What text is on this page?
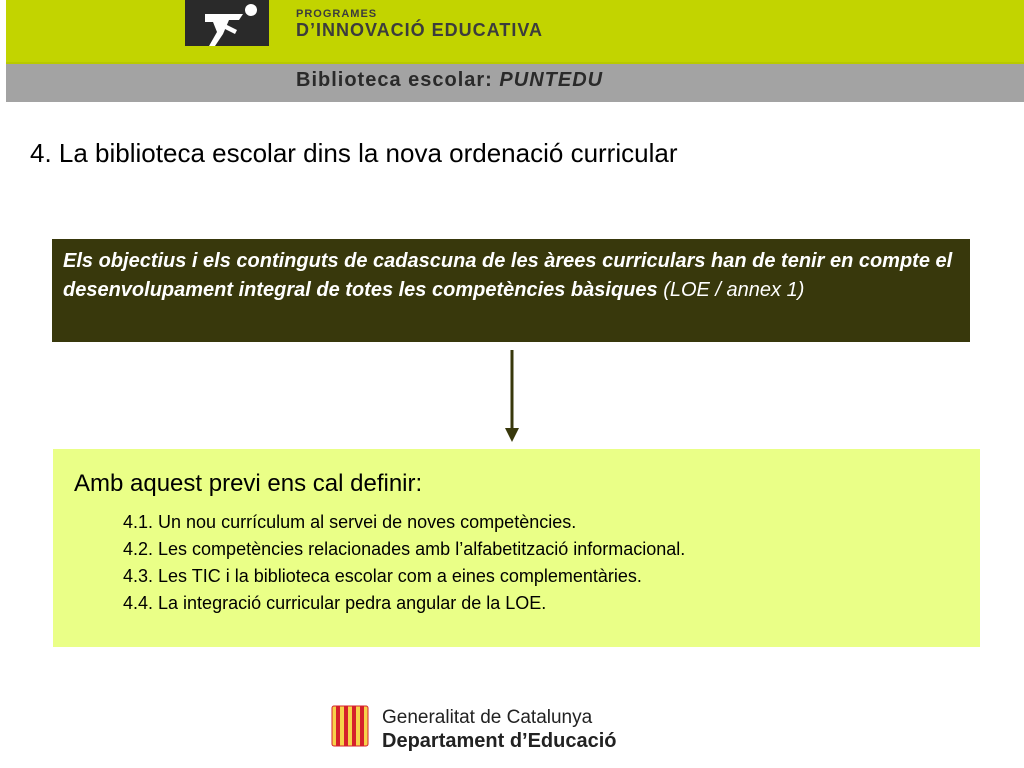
PROGRAMES
D’INNOVACIÓ EDUCATIVA
Biblioteca escolar: PUNTEDU
4. La biblioteca escolar dins la nova ordenació curricular
Els objectius i els continguts de cadascuna de les àrees curriculars han de tenir en compte el desenvolupament integral de totes les competències bàsiques (LOE / annex 1)
Amb aquest previ ens cal definir:
4.1. Un nou currículum al servei de noves competències.
4.2. Les competències relacionades amb l’alfabetització informacional.
4.3. Les TIC i la biblioteca escolar com a eines complementàries.
4.4. La integració curricular pedra angular de la LOE.
Generalitat de Catalunya
Departament d’Educació
